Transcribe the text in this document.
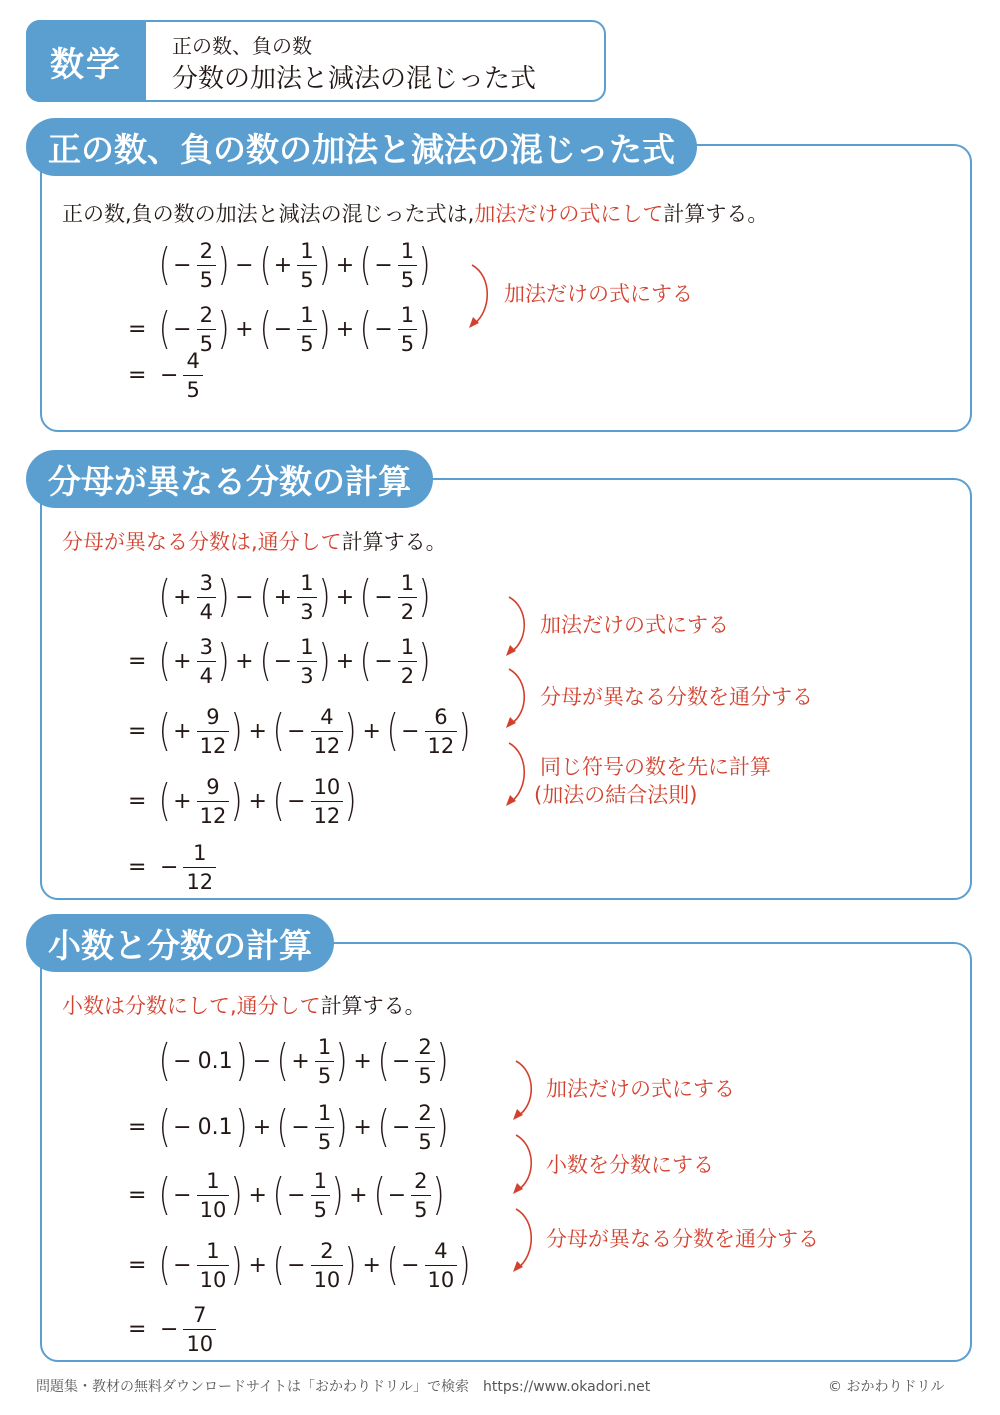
数学	正の数、負の数
分数の加法と減法の混じった式
正の数、負の数の加法と減法の混じった式
正の数,負の数の加法と減法の混じった式は,加法だけの式にして計算する。
( − $\frac{2}{5}$ ) − ( + $\frac{1}{5}$ ) + ( − $\frac{1}{5}$ )
= ( − $\frac{2}{5}$ ) + ( − $\frac{1}{5}$ ) + ( − $\frac{1}{5}$ )
= − $\frac{4}{5}$
加法だけの式にする
分母が異なる分数の計算
分母が異なる分数は,通分して計算する。
( + $\frac{3}{4}$ ) − ( + $\frac{1}{3}$ ) + ( − $\frac{1}{2}$ )
= ( + $\frac{3}{4}$ ) + ( − $\frac{1}{3}$ ) + ( − $\frac{1}{2}$ )
= ( + $\frac{9}{12}$ ) + ( − $\frac{4}{12}$ ) + ( − $\frac{6}{12}$ )
= ( + $\frac{9}{12}$ ) + ( − $\frac{10}{12}$ )
= − $\frac{1}{12}$
加法だけの式にする
分母が異なる分数を通分する
同じ符号の数を先に計算
(加法の結合法則)
小数と分数の計算
小数は分数にして,通分して計算する。
( − 0.1 ) − ( + $\frac{1}{5}$ ) + ( − $\frac{2}{5}$ )
= ( − 0.1 ) + ( − $\frac{1}{5}$ ) + ( − $\frac{2}{5}$ )
= ( − $\frac{1}{10}$ ) + ( − $\frac{1}{5}$ ) + ( − $\frac{2}{5}$ )
= ( − $\frac{1}{10}$ ) + ( − $\frac{2}{10}$ ) + ( − $\frac{4}{10}$ )
= − $\frac{7}{10}$
加法だけの式にする
小数を分数にする
分母が異なる分数を通分する
問題集・教材の無料ダウンロードサイトは「おかわりドリル」で検索　https://www.okadori.net	© おかわりドリル
